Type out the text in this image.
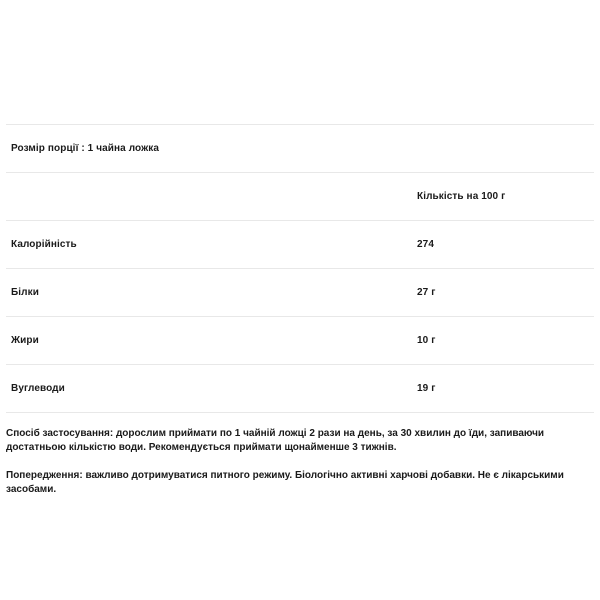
Розмір порції : 1 чайна ложка	
	Кількість на 100 г
Калорійність	274
Білки	27 г
Жири	10 г
Вуглеводи	19 г

Спосіб застосування: дорослим приймати по 1 чайній ложці 2 рази на день, за 30 хвилин до їди, запиваючи достатньою кількістю води. Рекомендується приймати щонайменше 3 тижнів.

Попередження: важливо дотримуватися питного режиму. Біологічно активні харчові добавки. Не є лікарськими засобами.
